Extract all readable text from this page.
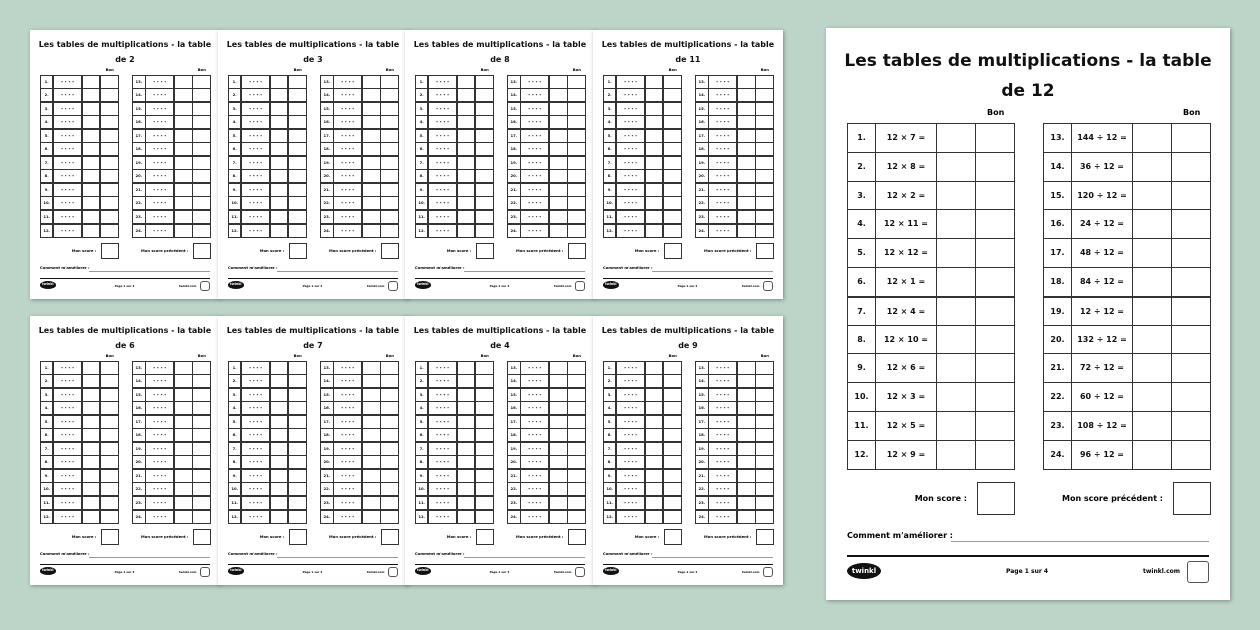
Les tables de multiplications - la table de 2
Bon
1.	• • • •
2.	• • • •
3.	• • • •
4.	• • • •
5.	• • • •
6.	• • • •
7.	• • • •
8.	• • • •
9.	• • • •
10.	• • • •
11.	• • • •
12.	• • • •
Bon
13.	• • • •
14.	• • • •
15.	• • • •
16.	• • • •
17.	• • • •
18.	• • • •
19.	• • • •
20.	• • • •
21.	• • • •
22.	• • • •
23.	• • • •
24.	• • • •
Mon score :	Mon score précédent :
Comment m'améliorer :
twinkl	Page 1 sur 4	twinkl.com
Les tables de multiplications - la table de 3
Bon
1.	• • • •
2.	• • • •
3.	• • • •
4.	• • • •
5.	• • • •
6.	• • • •
7.	• • • •
8.	• • • •
9.	• • • •
10.	• • • •
11.	• • • •
12.	• • • •
Bon
13.	• • • •
14.	• • • •
15.	• • • •
16.	• • • •
17.	• • • •
18.	• • • •
19.	• • • •
20.	• • • •
21.	• • • •
22.	• • • •
23.	• • • •
24.	• • • •
Mon score :	Mon score précédent :
Comment m'améliorer :
twinkl	Page 1 sur 4	twinkl.com
Les tables de multiplications - la table de 8
Bon
1.	• • • •
2.	• • • •
3.	• • • •
4.	• • • •
5.	• • • •
6.	• • • •
7.	• • • •
8.	• • • •
9.	• • • •
10.	• • • •
11.	• • • •
12.	• • • •
Bon
13.	• • • •
14.	• • • •
15.	• • • •
16.	• • • •
17.	• • • •
18.	• • • •
19.	• • • •
20.	• • • •
21.	• • • •
22.	• • • •
23.	• • • •
24.	• • • •
Mon score :	Mon score précédent :
Comment m'améliorer :
twinkl	Page 1 sur 4	twinkl.com
Les tables de multiplications - la table de 11
Bon
1.	• • • •
2.	• • • •
3.	• • • •
4.	• • • •
5.	• • • •
6.	• • • •
7.	• • • •
8.	• • • •
9.	• • • •
10.	• • • •
11.	• • • •
12.	• • • •
Bon
13.	• • • •
14.	• • • •
15.	• • • •
16.	• • • •
17.	• • • •
18.	• • • •
19.	• • • •
20.	• • • •
21.	• • • •
22.	• • • •
23.	• • • •
24.	• • • •
Mon score :	Mon score précédent :
Comment m'améliorer :
twinkl	Page 1 sur 4	twinkl.com
Les tables de multiplications - la table de 6
Bon
1.	• • • •
2.	• • • •
3.	• • • •
4.	• • • •
5.	• • • •
6.	• • • •
7.	• • • •
8.	• • • •
9.	• • • •
10.	• • • •
11.	• • • •
12.	• • • •
Bon
13.	• • • •
14.	• • • •
15.	• • • •
16.	• • • •
17.	• • • •
18.	• • • •
19.	• • • •
20.	• • • •
21.	• • • •
22.	• • • •
23.	• • • •
24.	• • • •
Mon score :	Mon score précédent :
Comment m'améliorer :
twinkl	Page 1 sur 4	twinkl.com
Les tables de multiplications - la table de 7
Bon
1.	• • • •
2.	• • • •
3.	• • • •
4.	• • • •
5.	• • • •
6.	• • • •
7.	• • • •
8.	• • • •
9.	• • • •
10.	• • • •
11.	• • • •
12.	• • • •
Bon
13.	• • • •
14.	• • • •
15.	• • • •
16.	• • • •
17.	• • • •
18.	• • • •
19.	• • • •
20.	• • • •
21.	• • • •
22.	• • • •
23.	• • • •
24.	• • • •
Mon score :	Mon score précédent :
Comment m'améliorer :
twinkl	Page 1 sur 4	twinkl.com
Les tables de multiplications - la table de 4
Bon
1.	• • • •
2.	• • • •
3.	• • • •
4.	• • • •
5.	• • • •
6.	• • • •
7.	• • • •
8.	• • • •
9.	• • • •
10.	• • • •
11.	• • • •
12.	• • • •
Bon
13.	• • • •
14.	• • • •
15.	• • • •
16.	• • • •
17.	• • • •
18.	• • • •
19.	• • • •
20.	• • • •
21.	• • • •
22.	• • • •
23.	• • • •
24.	• • • •
Mon score :	Mon score précédent :
Comment m'améliorer :
twinkl	Page 1 sur 4	twinkl.com
Les tables de multiplications - la table de 9
Bon
1.	• • • •
2.	• • • •
3.	• • • •
4.	• • • •
5.	• • • •
6.	• • • •
7.	• • • •
8.	• • • •
9.	• • • •
10.	• • • •
11.	• • • •
12.	• • • •
Bon
13.	• • • •
14.	• • • •
15.	• • • •
16.	• • • •
17.	• • • •
18.	• • • •
19.	• • • •
20.	• • • •
21.	• • • •
22.	• • • •
23.	• • • •
24.	• • • •
Mon score :	Mon score précédent :
Comment m'améliorer :
twinkl	Page 1 sur 4	twinkl.com
Les tables de multiplications - la table de 12
Bon
1.	12 × 7 =
2.	12 × 8 =
3.	12 × 2 =
4.	12 × 11 =
5.	12 × 12 =
6.	12 × 1 =
7.	12 × 4 =
8.	12 × 10 =
9.	12 × 6 =
10.	12 × 3 =
11.	12 × 5 =
12.	12 × 9 =
Bon
13.	144 ÷ 12 =
14.	36 ÷ 12 =
15.	120 ÷ 12 =
16.	24 ÷ 12 =
17.	48 ÷ 12 =
18.	84 ÷ 12 =
19.	12 ÷ 12 =
20.	132 ÷ 12 =
21.	72 ÷ 12 =
22.	60 ÷ 12 =
23.	108 ÷ 12 =
24.	96 ÷ 12 =
Mon score :	Mon score précédent :
Comment m'améliorer :
twinkl	Page 1 sur 4	twinkl.com
